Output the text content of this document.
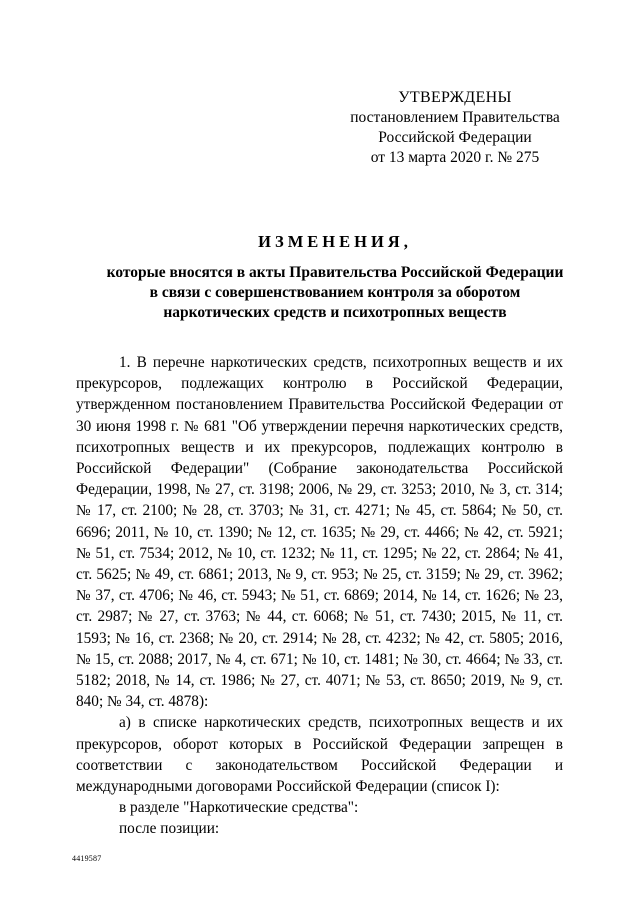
УТВЕРЖДЕНЫ
постановлением Правительства
Российской Федерации
от 13 марта 2020 г. № 275
ИЗМЕНЕНИЯ,
которые вносятся в акты Правительства Российской Федерации
в связи с совершенствованием контроля за оборотом
наркотических средств и психотропных веществ

1. В перечне наркотических средств, психотропных веществ и их прекурсоров, подлежащих контролю в Российской Федерации, утвержденном постановлением Правительства Российской Федерации от 30 июня 1998 г. № 681 "Об утверждении перечня наркотических средств, психотропных веществ и их прекурсоров, подлежащих контролю в Российской Федерации" (Собрание законодательства Российской Федерации, 1998, № 27, ст. 3198; 2006, № 29, ст. 3253; 2010, № 3, ст. 314; № 17, ст. 2100; № 28, ст. 3703; № 31, ст. 4271; № 45, ст. 5864; № 50, ст. 6696; 2011, № 10, ст. 1390; № 12, ст. 1635; № 29, ст. 4466; № 42, ст. 5921; № 51, ст. 7534; 2012, № 10, ст. 1232; № 11, ст. 1295; № 22, ст. 2864; № 41, ст. 5625; № 49, ст. 6861; 2013, № 9, ст. 953; № 25, ст. 3159; № 29, ст. 3962; № 37, ст. 4706; № 46, ст. 5943; № 51, ст. 6869; 2014, № 14, ст. 1626; № 23, ст. 2987; № 27, ст. 3763; № 44, ст. 6068; № 51, ст. 7430; 2015, № 11, ст. 1593; № 16, ст. 2368; № 20, ст. 2914; № 28, ст. 4232; № 42, ст. 5805; 2016, № 15, ст. 2088; 2017, № 4, ст. 671; № 10, ст. 1481; № 30, ст. 4664; № 33, ст. 5182; 2018, № 14, ст. 1986; № 27, ст. 4071; № 53, ст. 8650; 2019, № 9, ст. 840; № 34, ст. 4878):

а) в списке наркотических средств, психотропных веществ и их прекурсоров, оборот которых в Российской Федерации запрещен в соответствии с законодательством Российской Федерации и международными договорами Российской Федерации (список I):

в разделе "Наркотические средства":

после позиции:

4419587
